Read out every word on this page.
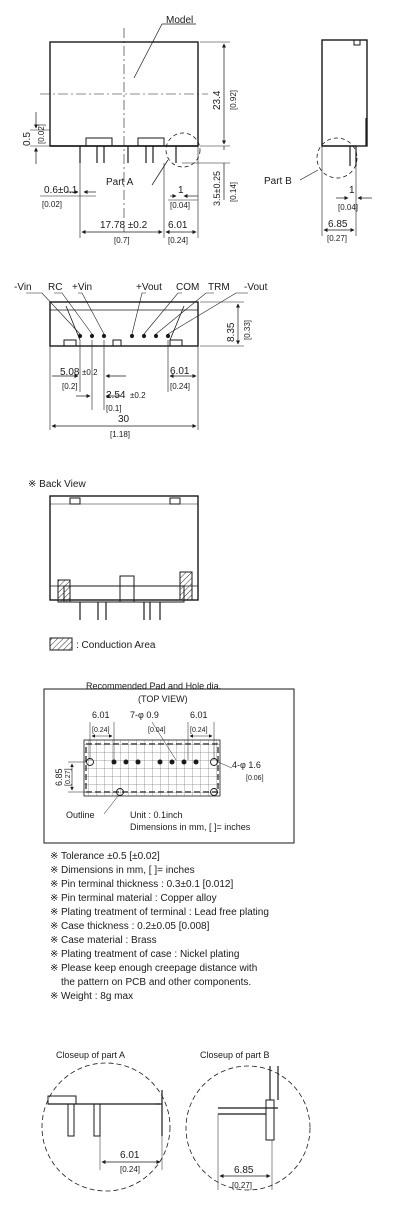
Model
23.4 [0.92]
0.5 [0.02]
3.5±0.25 [0.14]
Part A
0.6±0.1
[0.02]
1
[0.04]
17.78 ±0.2
[0.7]
6.01
[0.24]
Part B
1
[0.04]
6.85
[0.27]
-Vin RC +Vin	+Vout COM TRM -Vout
8.35 [0.33]
5.08 ±0.2
[0.2]
2.54 ±0.2
[0.1]
6.01
[0.24]
30
[1.18]
※ Back View
: Conduction Area
Recommended Pad and Hole dia.
(TOP VIEW)
6.01
[0.24]
7-φ 0.9
[0.04]
6.01
[0.24]
6.85 [0.27]
4-φ 1.6
[0.06]
Outline	Unit : 0.1inch
Dimensions in mm, [ ]= inches
Closeup of part A
6.01
[0.24]
Closeup of part B
6.85
[0.27]
※ Tolerance ±0.5 [±0.02]
※ Dimensions in mm, [ ]= inches
※ Pin terminal thickness : 0.3±0.1 [0.012]
※ Pin terminal material : Copper alloy
※ Plating treatment of terminal : Lead free plating
※ Case thickness : 0.2±0.05 [0.008]
※ Case material : Brass
※ Plating treatment of case : Nickel plating
※ Please keep enough creepage distance with
the pattern on PCB and other components.
※ Weight : 8g max
